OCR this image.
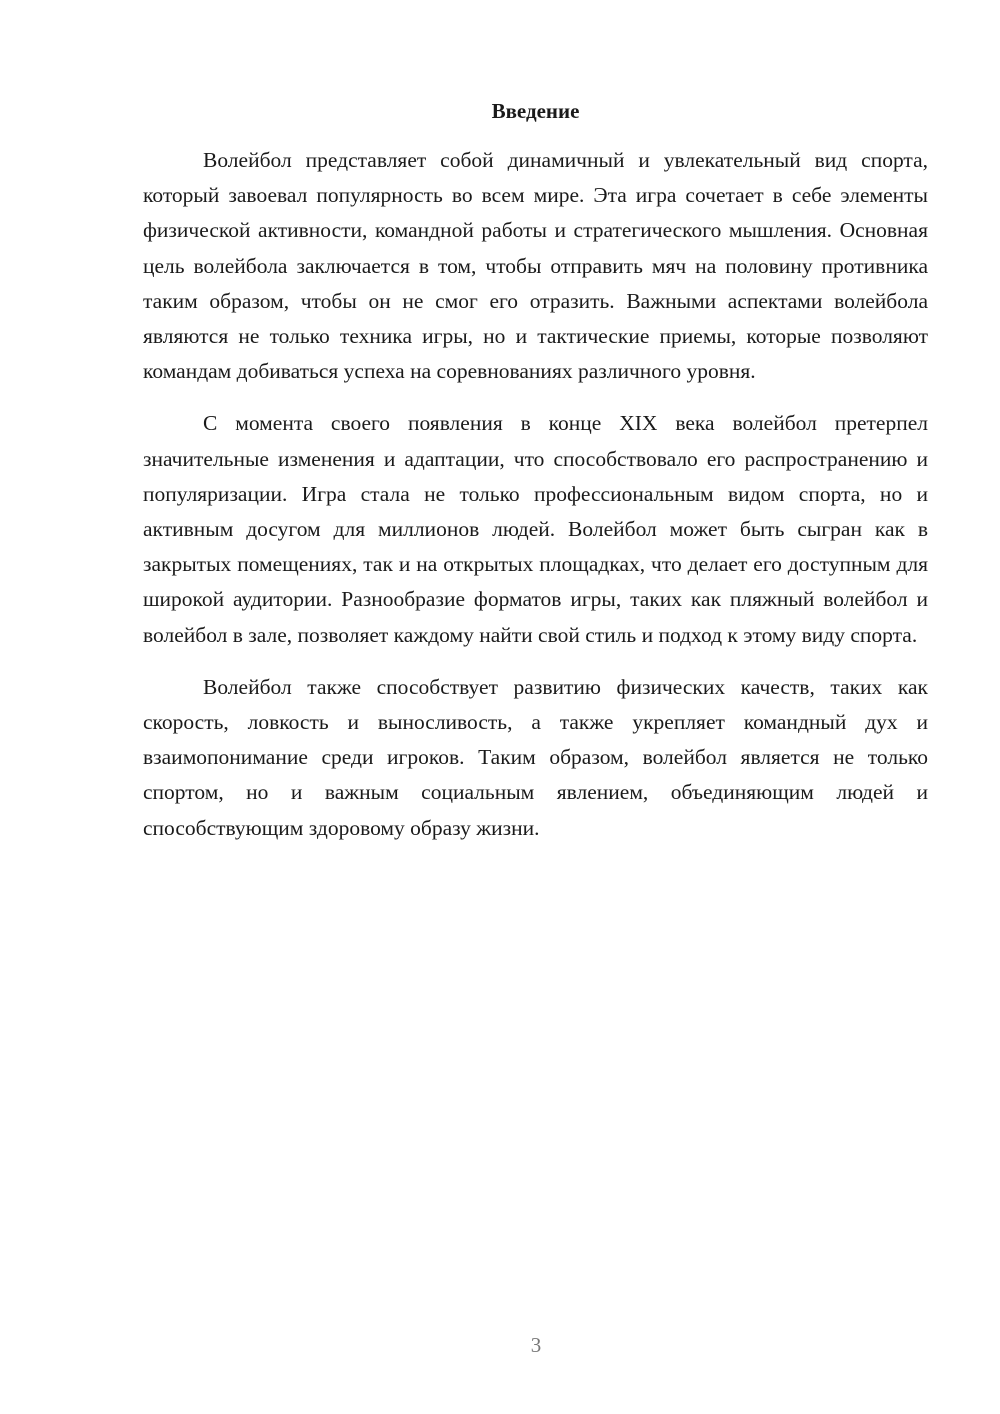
Введение

Волейбол представляет собой динамичный и увлекательный вид спорта, который завоевал популярность во всем мире. Эта игра сочетает в себе элементы физической активности, командной работы и стратегического мышления. Основная цель волейбола заключается в том, чтобы отправить мяч на половину противника таким образом, чтобы он не смог его отразить. Важными аспектами волейбола являются не только техника игры, но и тактические приемы, которые позволяют командам добиваться успеха на соревнованиях различного уровня.

С момента своего появления в конце XIX века волейбол претерпел значительные изменения и адаптации, что способствовало его распространению и популяризации. Игра стала не только профессиональным видом спорта, но и активным досугом для миллионов людей. Волейбол может быть сыгран как в закрытых помещениях, так и на открытых площадках, что делает его доступным для широкой аудитории. Разнообразие форматов игры, таких как пляжный волейбол и волейбол в зале, позволяет каждому найти свой стиль и подход к этому виду спорта.

Волейбол также способствует развитию физических качеств, таких как скорость, ловкость и выносливость, а также укрепляет командный дух и взаимопонимание среди игроков. Таким образом, волейбол является не только спортом, но и важным социальным явлением, объединяющим людей и способствующим здоровому образу жизни.

3
